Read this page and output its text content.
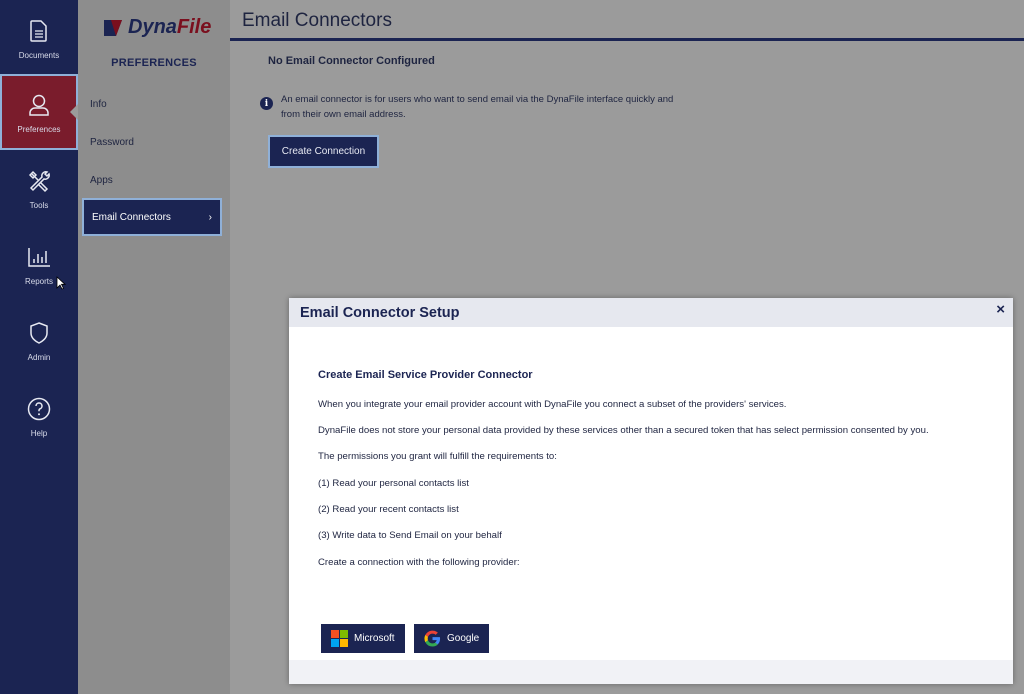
Documents
Preferences
Tools
Reports
Admin
Help
DynaFile
PREFERENCES
Info
Password
Apps
Email Connectors	›
Email Connectors
No Email Connector Configured
i	An email connector is for users who want to send email via the DynaFile interface quickly and from their own email address.
Create Connection
Email Connector Setup	×
Create Email Service Provider Connector
When you integrate your email provider account with DynaFile you connect a subset of the providers' services.
DynaFile does not store your personal data provided by these services other than a secured token that has select permission consented by you.
The permissions you grant will fulfill the requirements to:
(1) Read your personal contacts list
(2) Read your recent contacts list
(3) Write data to Send Email on your behalf
Create a connection with the following provider:
Microsoft	Google
